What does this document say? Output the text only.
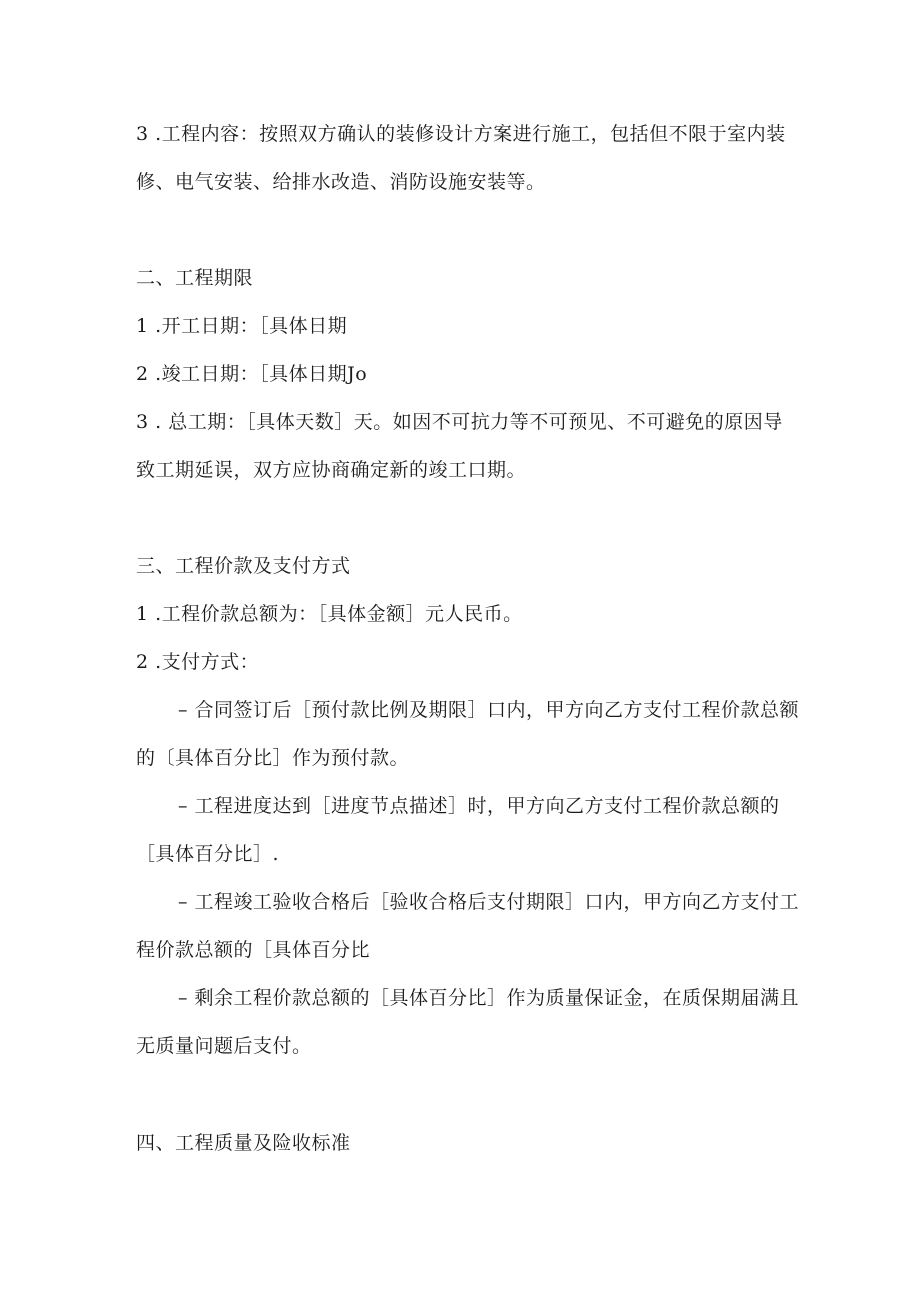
3 .工程内容：按照双方确认的装修设计方案进行施工，包括但不限于室内装
修、电气安装、给排水改造、消防设施安装等。
二、工程期限
1 .开工日期：［具体日期
2 .竣工日期：［具体日期Jo
3 . 总工期：［具体天数］天。如因不可抗力等不可预见、不可避免的原因导
致工期延误，双方应协商确定新的竣工口期。
三、工程价款及支付方式
1 .工程价款总额为：［具体金额］元人民币。
2 .支付方式：
– 合同签订后［预付款比例及期限］口内，甲方向乙方支付工程价款总额
的〔具体百分比］作为预付款。
– 工程进度达到［进度节点描述］时，甲方向乙方支付工程价款总额的
［具体百分比］.
– 工程竣工验收合格后［验收合格后支付期限］口内，甲方向乙方支付工
程价款总额的［具体百分比
– 剩余工程价款总额的［具体百分比］作为质量保证金，在质保期届满且
无质量问题后支付。
四、工程质量及险收标准
